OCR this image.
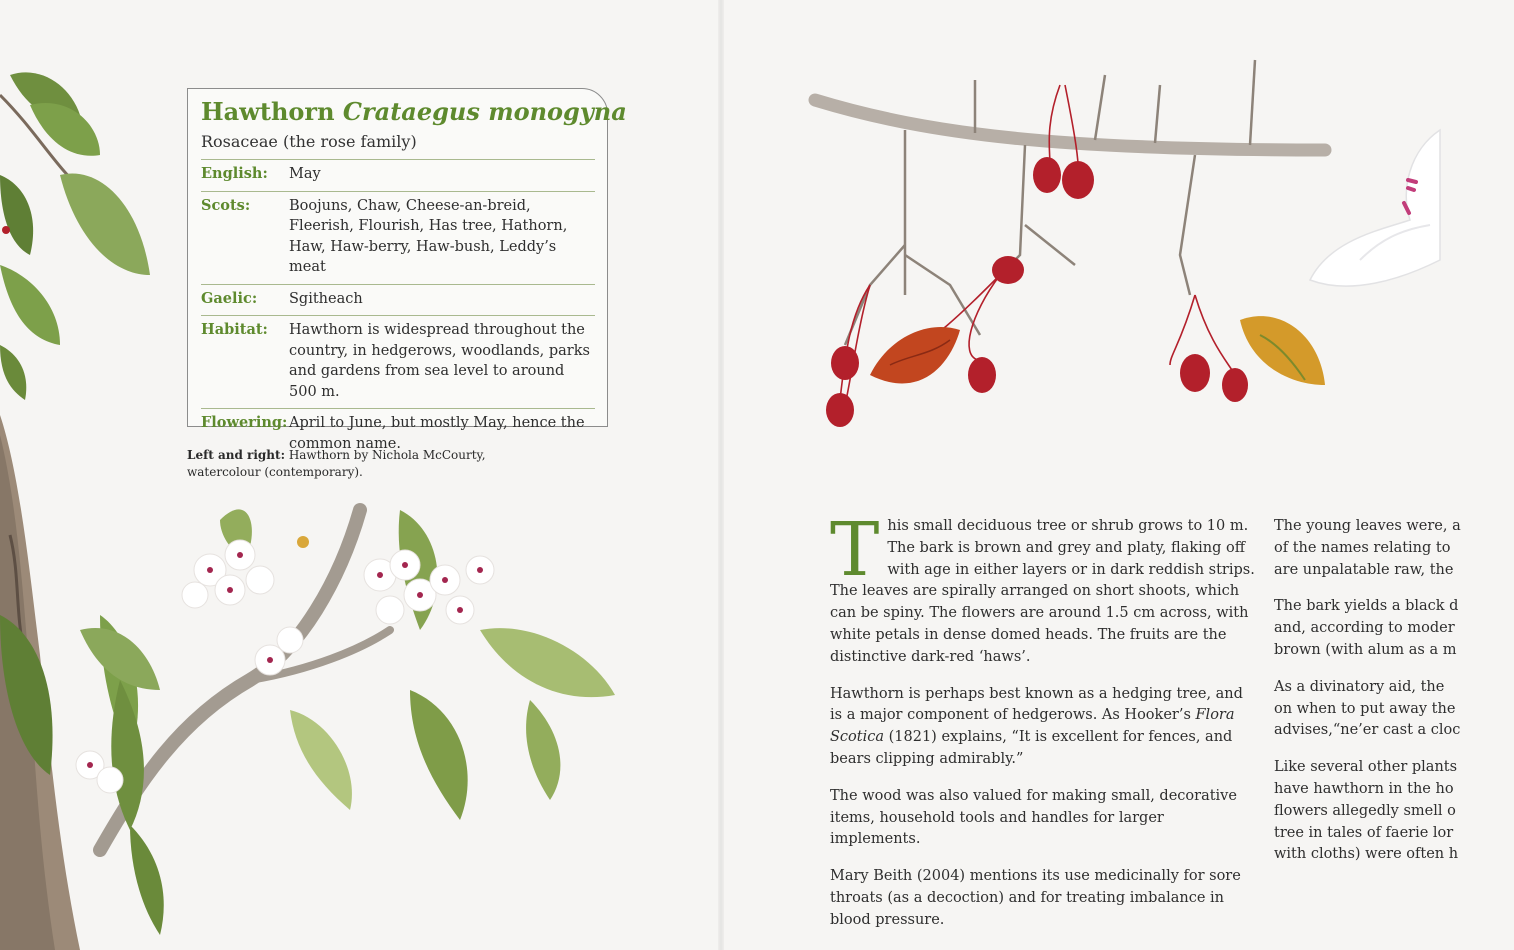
Hawthorn Crataegus monogyna
Rosaceae (the rose family)
English:	May
Scots:	Boojuns, Chaw, Cheese-an-breid, Fleerish, Flourish, Has tree, Hathorn, Haw, Haw-berry, Haw-bush, Leddy’s meat
Gaelic:	Sgitheach
Habitat:	Hawthorn is widespread throughout the country, in hedgerows, woodlands, parks and gardens from sea level to around 500 m.
Flowering: April to June, but mostly May, hence the common name.
Left and right: Hawthorn by Nichola McCourty, watercolour (contemporary).

This small deciduous tree or shrub grows to 10 m. The bark is brown and grey and platy, flaking off with age in either layers or in dark reddish strips. The leaves are spirally arranged on short shoots, which can be spiny. The flowers are around 1.5 cm across, with white petals in dense domed heads. The fruits are the distinctive dark-red ‘haws’.

Hawthorn is perhaps best known as a hedging tree, and is a major component of hedgerows. As Hooker’s Flora Scotica (1821) explains, “It is excellent for fences, and bears clipping admirably.”

The wood was also valued for making small, decorative items, household tools and handles for larger implements.

Mary Beith (2004) mentions its use medicinally for sore throats (as a decoction) and for treating imbalance in blood pressure.

The young leaves were, a
of the names relating to
are unpalatable raw, the

The bark yields a black d
and, according to moder
brown (with alum as a m

As a divinatory aid, the
on when to put away the
advises,“ne’er cast a cloc

Like several other plants
have hawthorn in the ho
flowers allegedly smell o
tree in tales of faerie lor
with cloths) were often h
